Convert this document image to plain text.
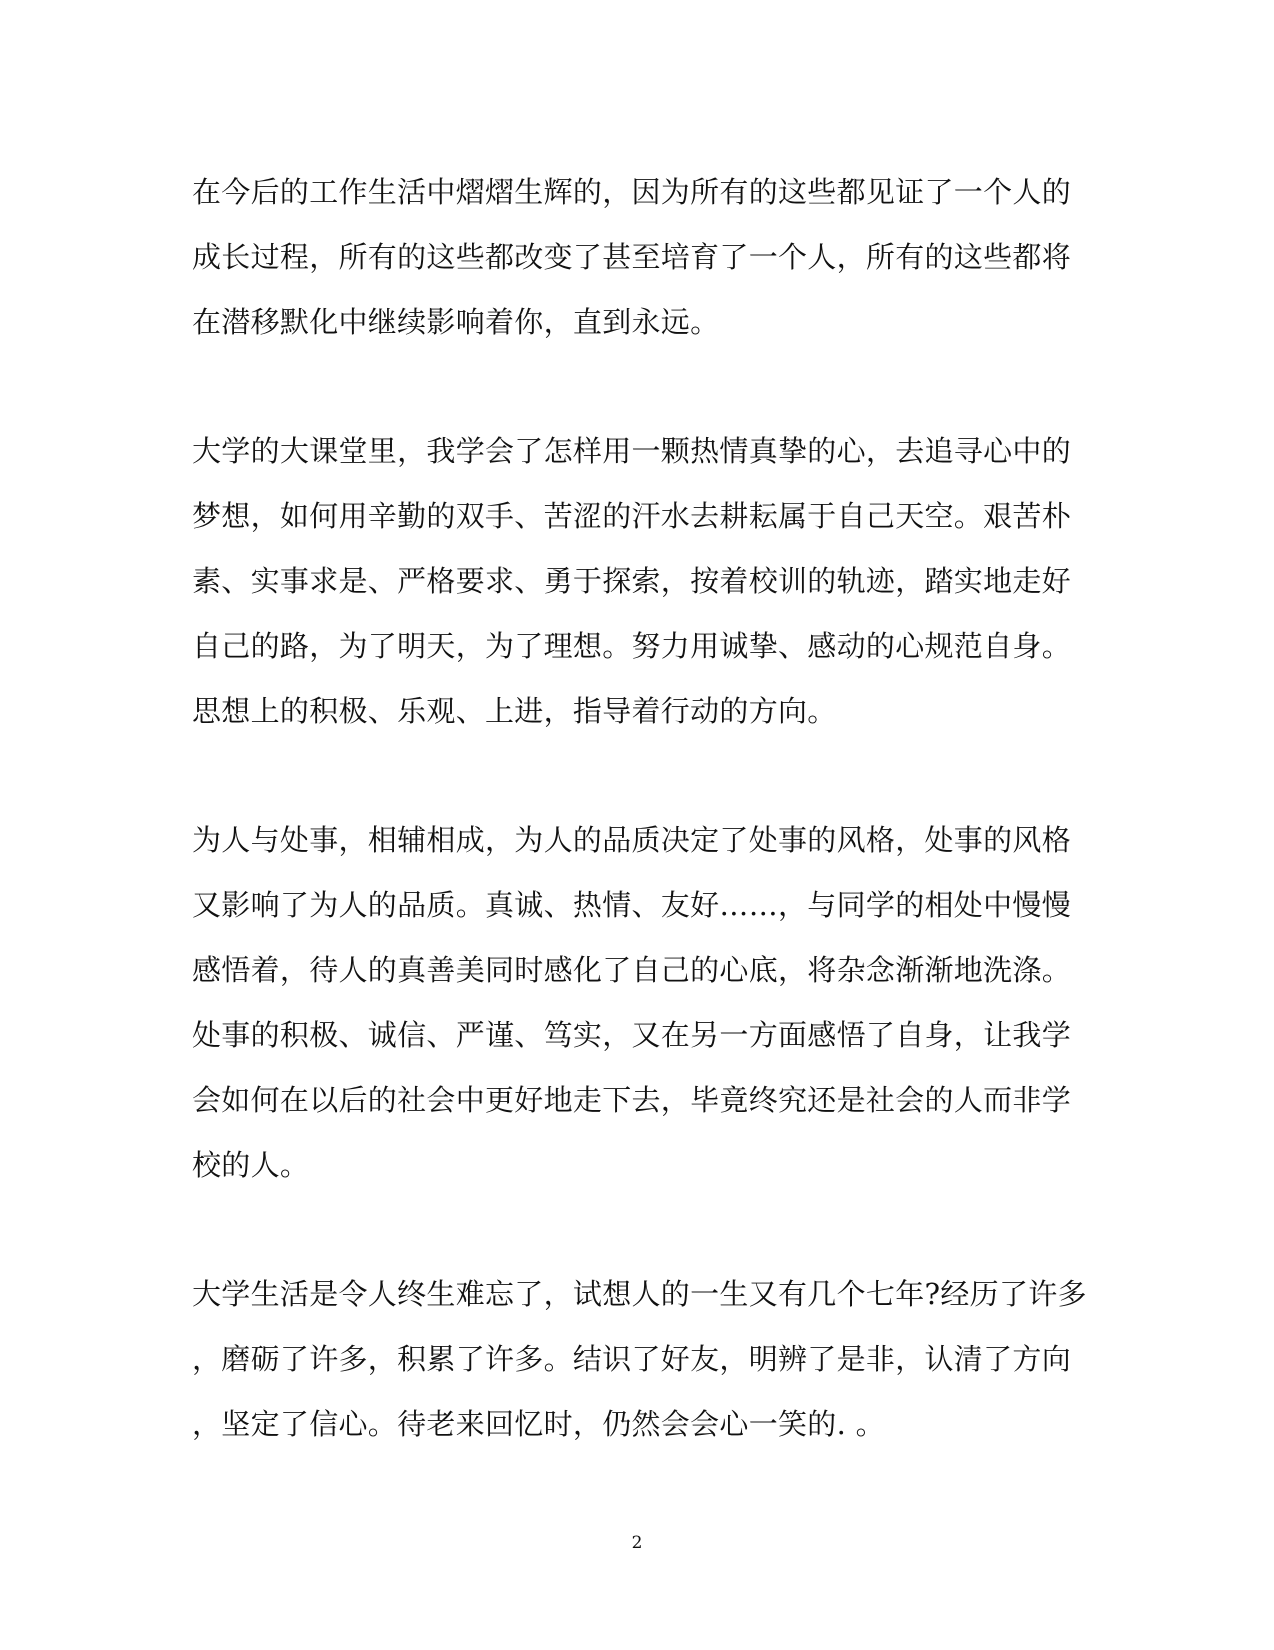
在今后的工作生活中熠熠生辉的，因为所有的这些都见证了一个人的
成长过程，所有的这些都改变了甚至培育了一个人，所有的这些都将
在潜移默化中继续影响着你，直到永远。
大学的大课堂里，我学会了怎样用一颗热情真挚的心，去追寻心中的
梦想，如何用辛勤的双手、苦涩的汗水去耕耘属于自己天空。艰苦朴
素、实事求是、严格要求、勇于探索，按着校训的轨迹，踏实地走好
自己的路，为了明天，为了理想。努力用诚挚、感动的心规范自身。
思想上的积极、乐观、上进，指导着行动的方向。
为人与处事，相辅相成，为人的品质决定了处事的风格，处事的风格
又影响了为人的品质。真诚、热情、友好……，与同学的相处中慢慢
感悟着，待人的真善美同时感化了自己的心底，将杂念渐渐地洗涤。
处事的积极、诚信、严谨、笃实，又在另一方面感悟了自身，让我学
会如何在以后的社会中更好地走下去，毕竟终究还是社会的人而非学
校的人。
大学生活是令人终生难忘了，试想人的一生又有几个七年?经历了许多
，磨砺了许多，积累了许多。结识了好友，明辨了是非，认清了方向
，坚定了信心。待老来回忆时，仍然会会心一笑的. 。
2
